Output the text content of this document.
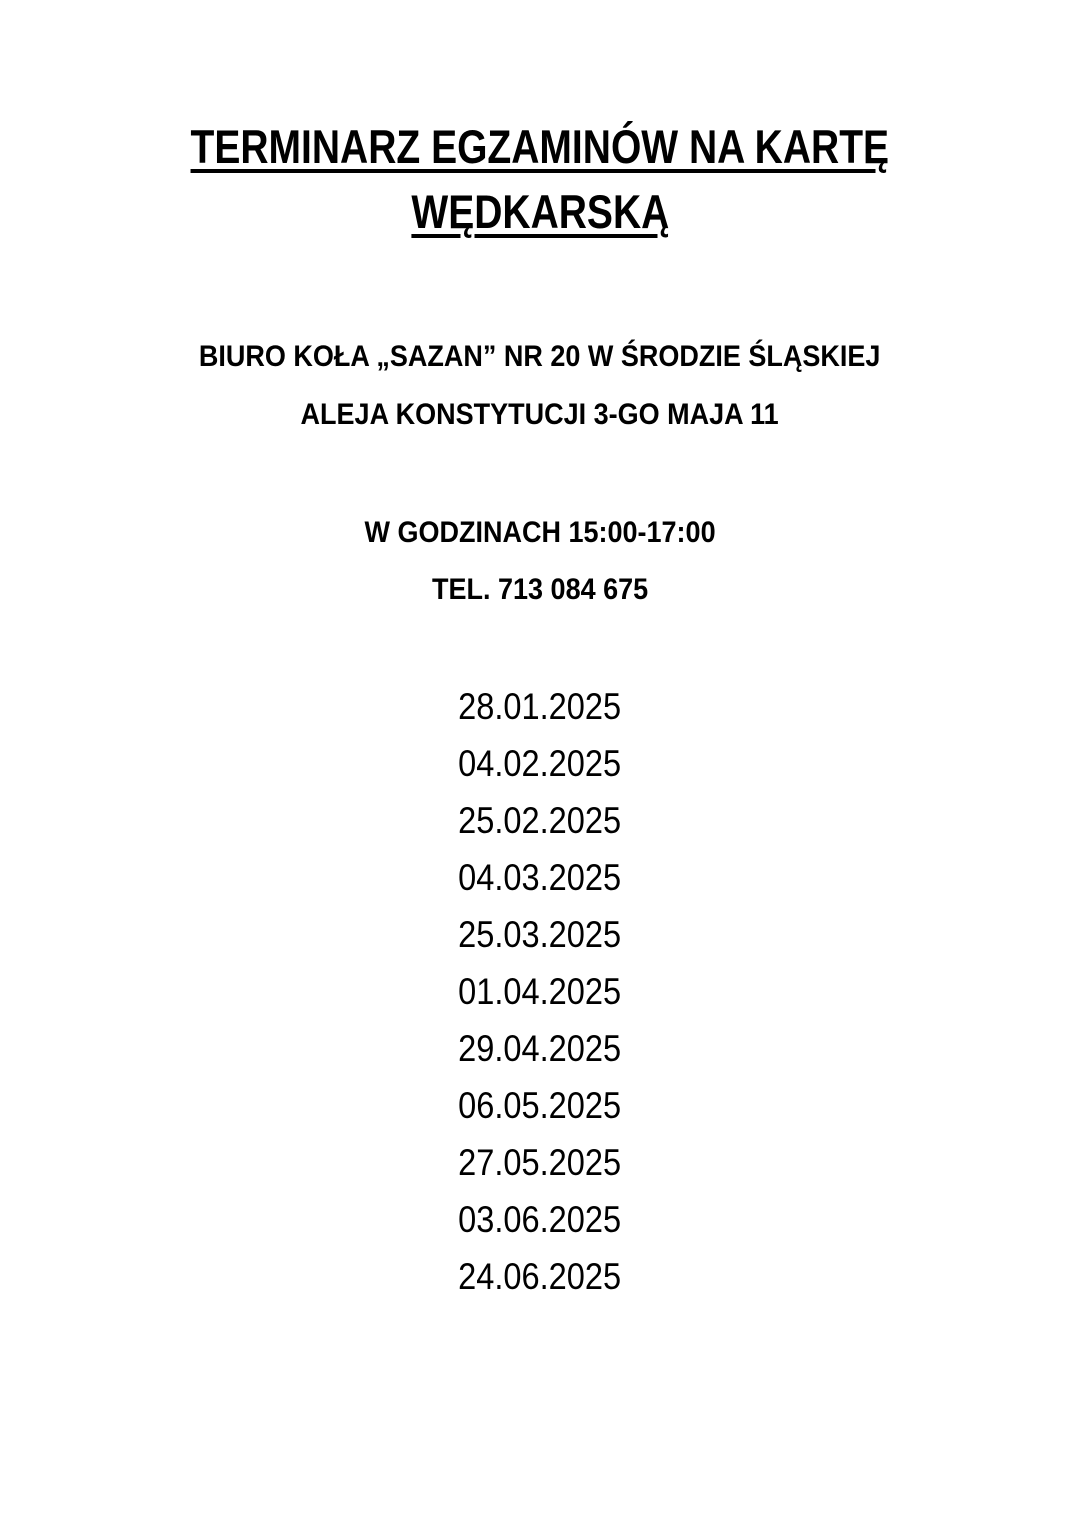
TERMINARZ EGZAMINÓW NA KARTĘ
WĘDKARSKĄ
BIURO KOŁA „SAZAN” NR 20 W ŚRODZIE ŚLĄSKIEJ
ALEJA KONSTYTUCJI 3-GO MAJA 11
W GODZINACH 15:00-17:00
TEL. 713 084 675
28.01.2025
04.02.2025
25.02.2025
04.03.2025
25.03.2025
01.04.2025
29.04.2025
06.05.2025
27.05.2025
03.06.2025
24.06.2025
